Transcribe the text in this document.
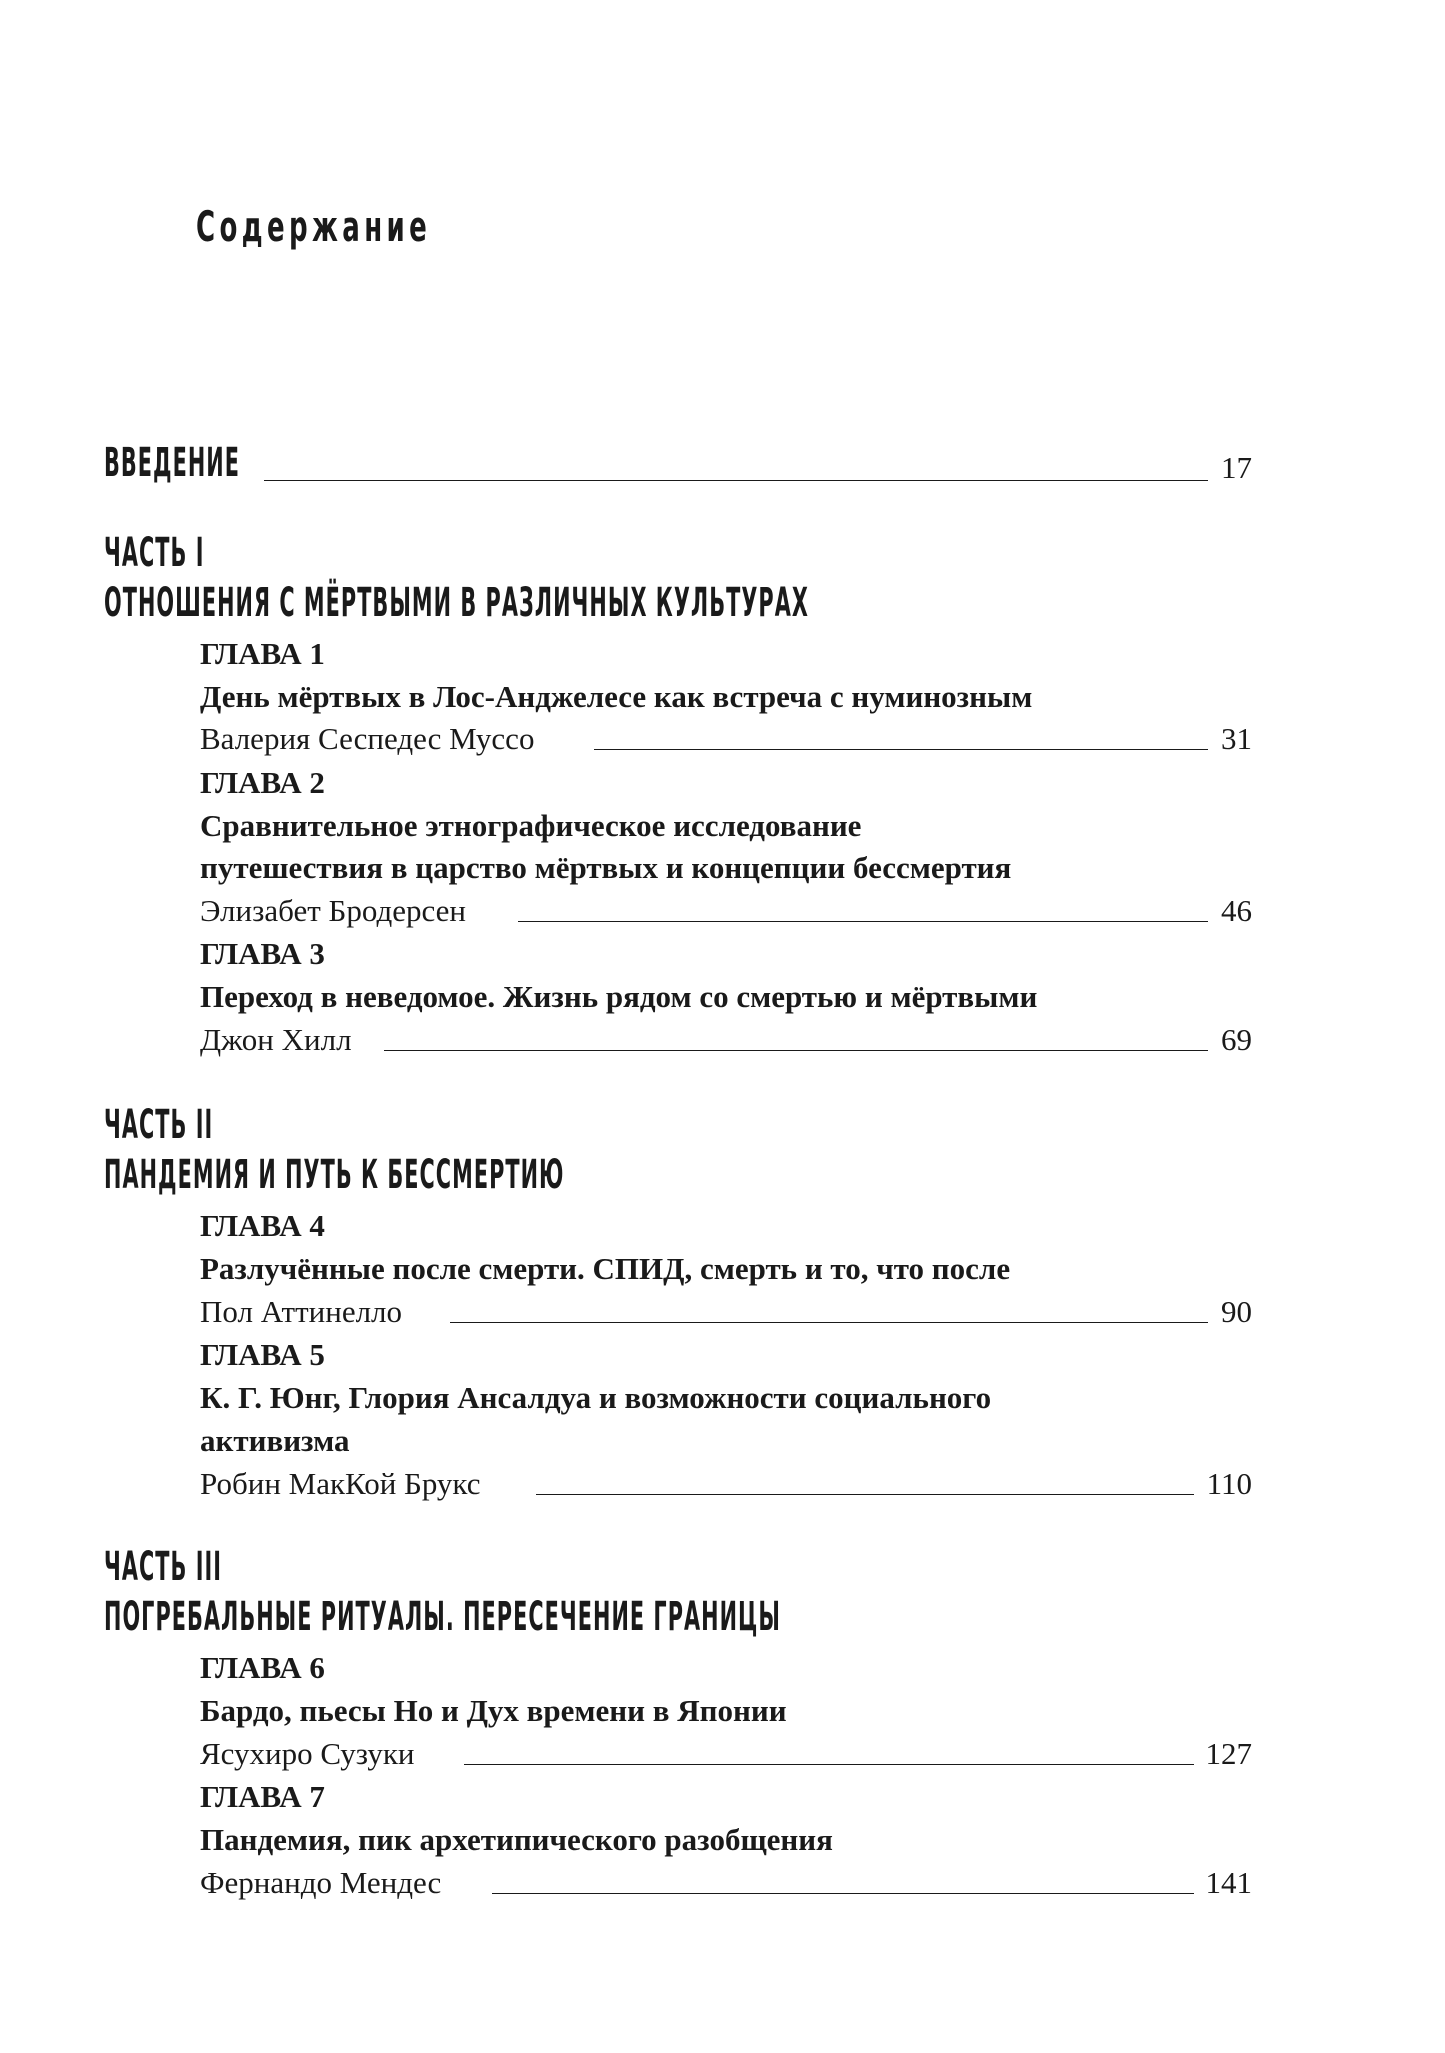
Содержание
ВВЕДЕНИЕ	17
ЧАСТЬ I
ОТНОШЕНИЯ С МЁРТВЫМИ В РАЗЛИЧНЫХ КУЛЬТУРАХ
ГЛАВА 1
День мёртвых в Лос-Анджелесе как встреча с нуминозным
Валерия Сеспедес Муссо	31
ГЛАВА 2
Сравнительное этнографическое исследование
путешествия в царство мёртвых и концепции бессмертия
Элизабет Бродерсен	46
ГЛАВА 3
Переход в неведомое. Жизнь рядом со смертью и мёртвыми
Джон Хилл	69
ЧАСТЬ II
ПАНДЕМИЯ И ПУТЬ К БЕССМЕРТИЮ
ГЛАВА 4
Разлучённые после смерти. СПИД, смерть и то, что после
Пол Аттинелло	90
ГЛАВА 5
К. Г. Юнг, Глория Ансалдуа и возможности социального
активизма
Робин МакКой Брукс	110
ЧАСТЬ III
ПОГРЕБАЛЬНЫЕ РИТУАЛЫ. ПЕРЕСЕЧЕНИЕ ГРАНИЦЫ
ГЛАВА 6
Бардо, пьесы Но и Дух времени в Японии
Ясухиро Сузуки	127
ГЛАВА 7
Пандемия, пик архетипического разобщения
Фернандо Мендес	141
